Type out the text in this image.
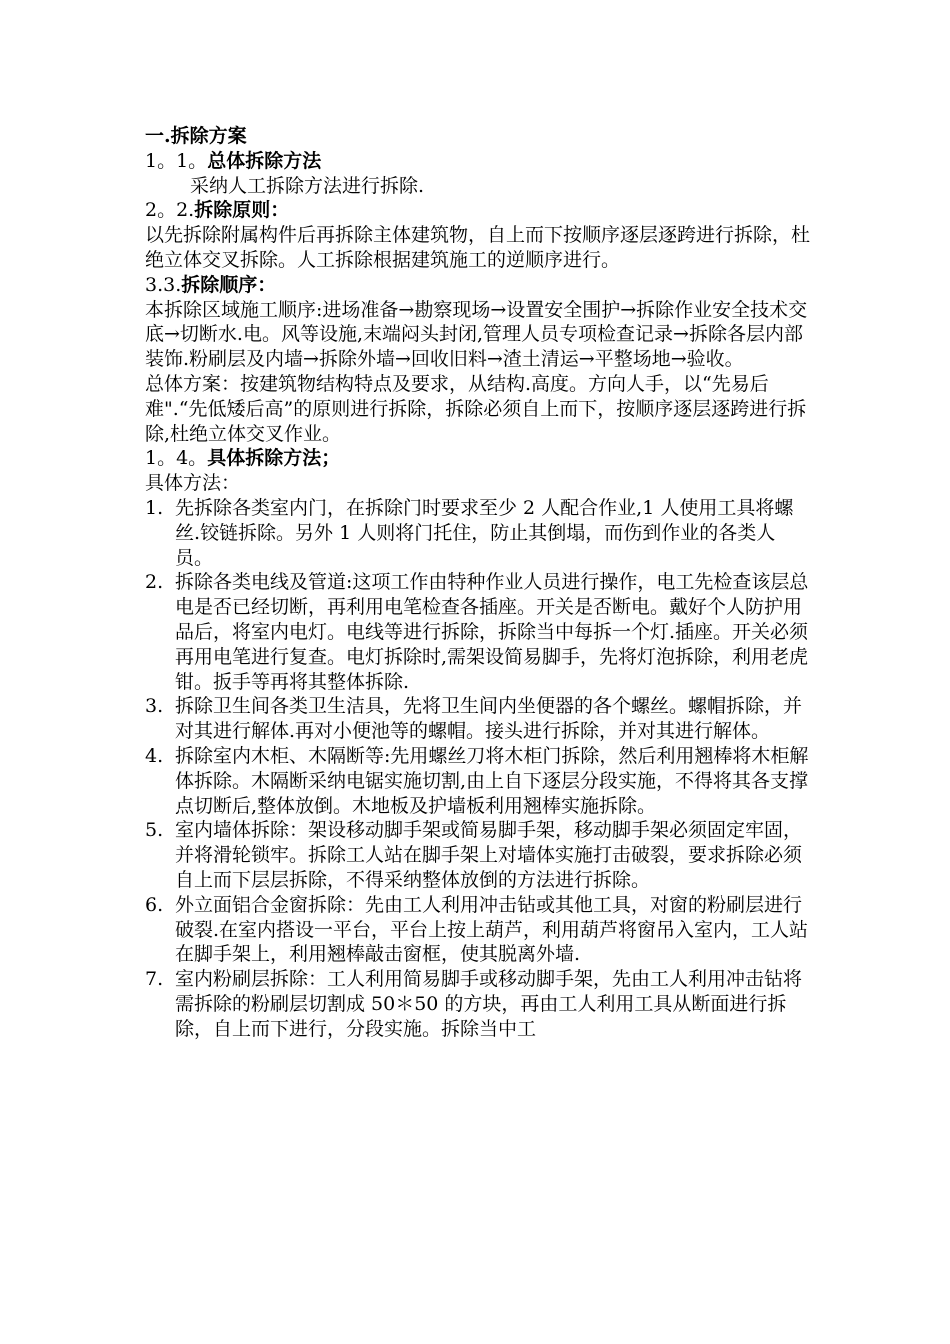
一.拆除方案
1。1。总体拆除方法
采纳人工拆除方法进行拆除.
2。2.拆除原则：
以先拆除附属构件后再拆除主体建筑物，自上而下按顺序逐层逐跨进行拆除，杜绝立体交叉拆除。人工拆除根据建筑施工的逆顺序进行。
3.3.拆除顺序：
本拆除区域施工顺序:进场准备→勘察现场→设置安全围护→拆除作业安全技术交底→切断水.电。风等设施,末端闷头封闭,管理人员专项检查记录→拆除各层内部装饰.粉刷层及内墙→拆除外墙→回收旧料→渣土清运→平整场地→验收。
总体方案：按建筑物结构特点及要求，从结构.高度。方向人手，以“先易后难".“先低矮后高”的原则进行拆除，拆除必须自上而下，按顺序逐层逐跨进行拆除,杜绝立体交叉作业。
1。4。具体拆除方法；
具体方法：
1. 先拆除各类室内门，在拆除门时要求至少 2 人配合作业,1 人使用工具将螺丝.铰链拆除。另外 1 人则将门托住，防止其倒塌，而伤到作业的各类人员。
2. 拆除各类电线及管道:这项工作由特种作业人员进行操作，电工先检查该层总电是否已经切断，再利用电笔检查各插座。开关是否断电。戴好个人防护用品后，将室内电灯。电线等进行拆除，拆除当中每拆一个灯.插座。开关必须再用电笔进行复查。电灯拆除时,需架设简易脚手，先将灯泡拆除，利用老虎钳。扳手等再将其整体拆除.
3. 拆除卫生间各类卫生洁具，先将卫生间内坐便器的各个螺丝。螺帽拆除，并对其进行解体.再对小便池等的螺帽。接头进行拆除，并对其进行解体。
4. 拆除室内木柜、木隔断等:先用螺丝刀将木柜门拆除，然后利用翘棒将木柜解体拆除。木隔断采纳电锯实施切割,由上自下逐层分段实施，不得将其各支撑点切断后,整体放倒。木地板及护墙板利用翘棒实施拆除。
5. 室内墙体拆除：架设移动脚手架或简易脚手架，移动脚手架必须固定牢固，并将滑轮锁牢。拆除工人站在脚手架上对墙体实施打击破裂，要求拆除必须自上而下层层拆除，不得采纳整体放倒的方法进行拆除。
6. 外立面铝合金窗拆除：先由工人利用冲击钻或其他工具，对窗的粉刷层进行破裂.在室内搭设一平台，平台上按上葫芦，利用葫芦将窗吊入室内，工人站在脚手架上，利用翘棒敲击窗框，使其脱离外墙.
7. 室内粉刷层拆除：工人利用简易脚手或移动脚手架，先由工人利用冲击钻将需拆除的粉刷层切割成 50＊50 的方块，再由工人利用工具从断面进行拆除，自上而下进行，分段实施。拆除当中工
